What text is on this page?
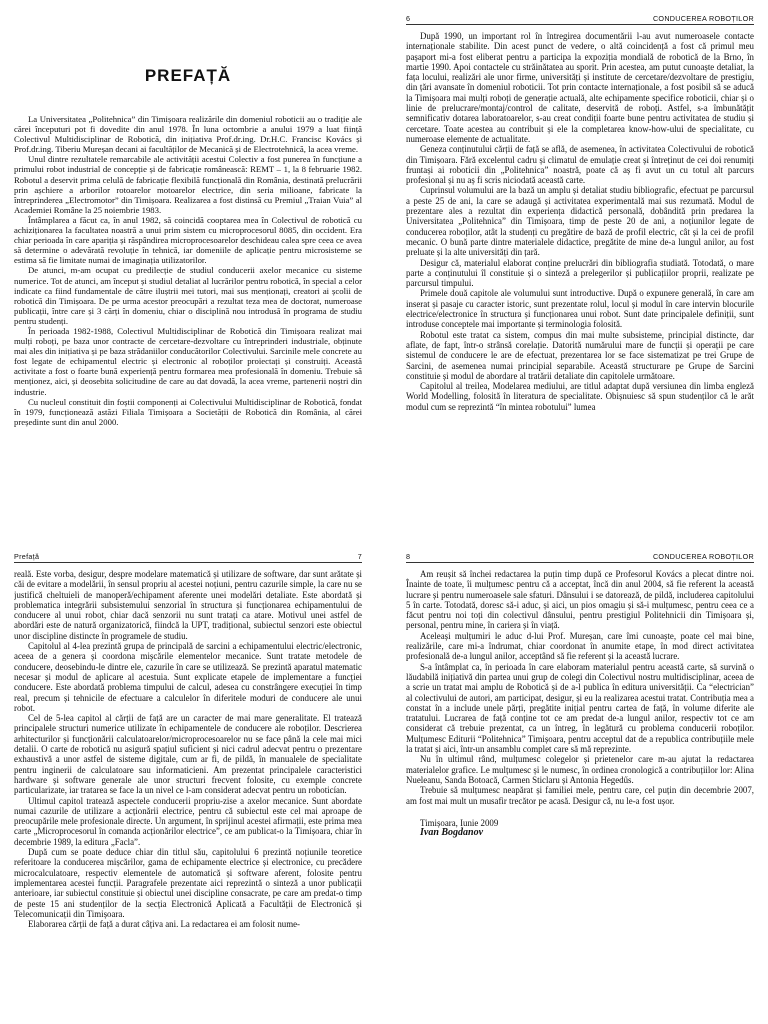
PREFAȚĂ

La Universitatea „Politehnica” din Timișoara realizările din domeniul roboticii au o tradiție ale cărei începuturi pot fi dovedite din anul 1978. În luna octombrie a anului 1979 a luat ființă Colectivul Multidisciplinar de Robotică, din inițiativa Prof.dr.ing. Dr.H.C. Francisc Kovács și Prof.dr.ing. Tiberiu Mureșan decani ai facultăților de Mecanică și de Electrotehnică, la acea vreme.

Unul dintre rezultatele remarcabile ale activității acestui Colectiv a fost punerea în funcțiune a primului robot industrial de concepție și de fabricație românească: REMT – 1, la 8 februarie 1982. Robotul a deservit prima celulă de fabricație flexibilă funcțională din România, destinată prelucrării prin așchiere a arborilor rotoarelor motoarelor electrice, din seria milioane, fabricate la întreprinderea „Electromotor” din Timișoara. Realizarea a fost distinsă cu Premiul „Traian Vuia” al Academiei Române la 25 noiembrie 1983.

Întâmplarea a făcut ca, în anul 1982, să coincidă cooptarea mea în Colectivul de robotică cu achiziționarea la facultatea noastră a unui prim sistem cu microprocesorul 8085, din occident. Era chiar perioada în care apariția și răspândirea microprocesoarelor deschideau calea spre ceea ce avea să determine o adevărată revoluție în tehnică, iar domeniile de aplicație pentru microsisteme se estima să fie limitate numai de imaginația utilizatorilor.

De atunci, m-am ocupat cu predilecție de studiul conducerii axelor mecanice cu sisteme numerice. Tot de atunci, am început și studiul detaliat al lucrărilor pentru robotică, în special a celor indicate ca fiind fundamentale de către iluștrii mei tutori, mai sus menționați, creatori ai școlii de robotică din Timișoara. De pe urma acestor preocupări a rezultat teza mea de doctorat, numeroase publicații, între care și 3 cărți în domeniu, chiar o disciplină nou introdusă în programa de studiu pentru studenți.

În perioada 1982-1988, Colectivul Multidisciplinar de Robotică din Timișoara realizat mai mulți roboți, pe baza unor contracte de cercetare-dezvoltare cu întreprinderi industriale, obținute mai ales din inițiativa și pe baza strădaniilor conducătorilor Colectivului. Sarcinile mele concrete au fost legate de echipamentul electric și electronic al roboților proiectați și construiți. Această activitate a fost o foarte bună experiență pentru formarea mea profesională în domeniu. Trebuie să menționez, aici, și deosebita solicitudine de care au dat dovadă, la acea vreme, partenerii noștri din industrie.

Cu nucleul constituit din foștii componenți ai Colectivului Multidisciplinar de Robotică, fondat în 1979, funcționează astăzi Filiala Timișoara a Societății de Robotică din România, al cărei președinte sunt din anul 2000.

6	CONDUCEREA ROBOȚILOR

După 1990, un important rol în întregirea documentării l-au avut numeroasele contacte internaționale stabilite. Din acest punct de vedere, o altă coincidență a fost că primul meu pașaport mi-a fost eliberat pentru a participa la expoziția mondială de robotică de la Brno, în martie 1990. Apoi contactele cu străinătatea au sporit. Prin acestea, am putut cunoaște detaliat, la fața locului, realizări ale unor firme, universități și institute de cercetare/dezvoltare de prestigiu, din țări avansate în domeniul roboticii. Tot prin contacte internaționale, a fost posibil să se aducă la Timișoara mai mulți roboți de generație actuală, alte echipamente specifice roboticii, chiar și o linie de prelucrare/montaj/control de calitate, deservită de roboți. Astfel, s-a îmbunătățit semnificativ dotarea laboratoarelor, s-au creat condiții foarte bune pentru activitatea de studiu și cercetare. Toate acestea au contribuit și ele la completarea know-how-ului de specialitate, cu numeroase elemente de actualitate.

Geneza conținutului cărții de față se află, de asemenea, în activitatea Colectivului de robotică din Timișoara. Fără excelentul cadru și climatul de emulație creat și întreținut de cei doi renumiți fruntași ai roboticii din „Politehnica” noastră, poate că aș fi avut un cu totul alt parcurs profesional și nu aș fi scris niciodată această carte.

Cuprinsul volumului are la bază un amplu și detaliat studiu bibliografic, efectuat pe parcursul a peste 25 de ani, la care se adaugă și activitatea experimentală mai sus rezumată. Modul de prezentare ales a rezultat din experiența didactică personală, dobândită prin predarea la Universitatea „Politehnica” din Timișoara, timp de peste 20 de ani, a noțiunilor legate de conducerea roboților, atât la studenți cu pregătire de bază de profil electric, cât și la cei de profil mecanic. O bună parte dintre materialele didactice, pregătite de mine de-a lungul anilor, au fost preluate și la alte universități din țară.

Desigur că, materialul elaborat conține prelucrări din bibliografia studiată. Totodată, o mare parte a conținutului îl constituie și o sinteză a prelegerilor și publicațiilor proprii, realizate pe parcursul timpului.

Primele două capitole ale volumului sunt introductive. După o expunere generală, în care am inserat și pasaje cu caracter istoric, sunt prezentate rolul, locul și modul în care intervin blocurile electrice/electronice în structura și funcționarea unui robot. Sunt date principalele definiții, sunt introduse conceptele mai importante și terminologia folosită.

Robotul este tratat ca sistem, compus din mai multe subsisteme, principial distincte, dar aflate, de fapt, într-o strânsă corelație. Datorită numărului mare de funcții și operații pe care sistemul de conducere le are de efectuat, prezentarea lor se face sistematizat pe trei Grupe de Sarcini, de asemenea numai principial separabile. Această structurare pe Grupe de Sarcini constituie și modul de abordare al tratării detaliate din capitolele următoare.

Capitolul al treilea, Modelarea mediului, are titlul adaptat după versiunea din limba engleză World Modelling, folosită în literatura de specialitate. Obișnuiesc să spun studenților că le arăt modul cum se reprezintă “în mintea robotului” lumea

Prefață	7

reală. Este vorba, desigur, despre modelare matematică și utilizare de software, dar sunt arătate și căi de evitare a modelării, în sensul propriu al acestei noțiuni, pentru cazurile simple, la care nu se justifică cheltuieli de manoperă/echipament aferente unei modelări detaliate. Este abordată și problematica integrării subsistemului senzorial în structura și funcționarea echipamentului de conducere al unui robot, chiar dacă senzorii nu sunt tratați ca atare. Motivul unei astfel de abordări este de natură organizatorică, fiindcă la UPT, tradițional, subiectul senzori este obiectul unor discipline distincte în programele de studiu.

Capitolul al 4-lea prezintă grupa de principală de sarcini a echipamentului electric/electronic, aceea de a genera și coordona mișcările elementelor mecanice. Sunt tratate metodele de conducere, deosebindu-le dintre ele, cazurile în care se utilizează. Se prezintă aparatul matematic necesar și modul de aplicare al acestuia. Sunt explicate etapele de implementare a funcției conducere. Este abordată problema timpului de calcul, adesea cu constrângere execuției în timp real, precum și tehnicile de efectuare a calculelor în diferitele moduri de conducere ale unui robot.

Cel de 5-lea capitol al cărții de față are un caracter de mai mare generalitate. El tratează principalele structuri numerice utilizate în echipamentele de conducere ale roboților. Descrierea arhitecturilor și funcționării calculatoarelor/microprocesoarelor nu se face până la cele mai mici detalii. O carte de robotică nu asigură spațiul suficient și nici cadrul adecvat pentru o prezentare exhaustivă a unor astfel de sisteme digitale, cum ar fi, de pildă, în manualele de specialitate pentru inginerii de calculatoare sau informaticieni. Am prezentat principalele caracteristici hardware și software generale ale unor structuri frecvent folosite, cu exemple concrete particularizate, iar tratarea se face la un nivel ce l-am considerat adecvat pentru un roboticían.

Ultimul capitol tratează aspectele conducerii propriu-zise a axelor mecanice. Sunt abordate numai cazurile de utilizare a acționării electrice, pentru că subiectul este cel mai aproape de preocupările mele profesionale directe. Un argument, în sprijinul acestei afirmații, este prima mea carte „Microprocesorul în comanda acționărilor electrice”, ce am publicat-o la Timișoara, chiar în decembrie 1989, la editura „Facla”.

După cum se poate deduce chiar din titlul său, capitolului 6 prezintă noțiunile teoretice referitoare la conducerea mișcărilor, gama de echipamente electrice și electronice, cu precădere microcalculatoare, respectiv elementele de automatică și software aferent, folosite pentru implementarea acestei funcții. Paragrafele prezentate aici reprezintă o sinteză a unor publicații anterioare, iar subiectul constituie și obiectul unei discipline consacrate, pe care am predat-o timp de peste 15 ani studenților de la secția Electronică Aplicată a Facultății de Electronică și Telecomunicații din Timișoara.

Elaborarea cărții de față a durat câțiva ani. La redactarea ei am folosit nume-

8	CONDUCEREA ROBOȚILOR

Am reușit să închei redactarea la puțin timp după ce Profesorul Kovács a plecat dintre noi. Înainte de toate, îi mulțumesc pentru că a acceptat, încă din anul 2004, să fie referent la această lucrare și pentru numeroasele sale sfaturi. Dânsului i se datorează, de pildă, includerea capitolului 5 în carte. Totodată, doresc să-i aduc, și aici, un pios omagiu și să-i mulțumesc, pentru ceea ce a făcut pentru noi toți din colectivul dânsului, pentru prestigiul Politehnicii din Timișoara și, personal, pentru mine, în cariera și în viață.

Aceleași mulțumiri le aduc d-lui Prof. Mureșan, care îmi cunoaște, poate cel mai bine, realizările, care mi-a îndrumat, chiar coordonat în anumite etape, în mod direct activitatea profesională de-a lungul anilor, acceptând să fie referent și la această lucrare.

S-a întâmplat ca, în perioada în care elaboram materialul pentru această carte, să survină o lăudabilă inițiativă din partea unui grup de colegi din Colectivul nostru multidisciplinar, aceea de a scrie un tratat mai amplu de Robotică și de a-l publica în editura universității. Ca “electrician” al colectivului de autori, am participat, desigur, și eu la realizarea acestui tratat. Contribuția mea a constat în a include unele părți, pregătite inițial pentru cartea de față, în volume diferite ale tratatului. Lucrarea de față conține tot ce am predat de-a lungul anilor, respectiv tot ce am considerat că trebuie prezentat, ca un întreg, în legătură cu problema conducerii roboților. Mulțumesc Editurii “Politehnica” Timișoara, pentru acceptul dat de a republica contribuțiile mele la tratat și aici, într-un ansamblu complet care să mă reprezinte.

Nu în ultimul rând, mulțumesc colegelor și prietenelor care m-au ajutat la redactarea materialelor grafice. Le mulțumesc și le numesc, în ordinea cronologică a contribuțiilor lor: Alina Nueleanu, Sanda Botoacă, Carmen Sticlaru și Antonia Hegedűs.

Trebuie să mulțumesc neapărat și familiei mele, pentru care, cel puțin din decembrie 2007, am fost mai mult un musafir trecător pe acasă. Desigur că, nu le-a fost ușor.

Timișoara, Iunie 2009

Ivan Bogdanov
